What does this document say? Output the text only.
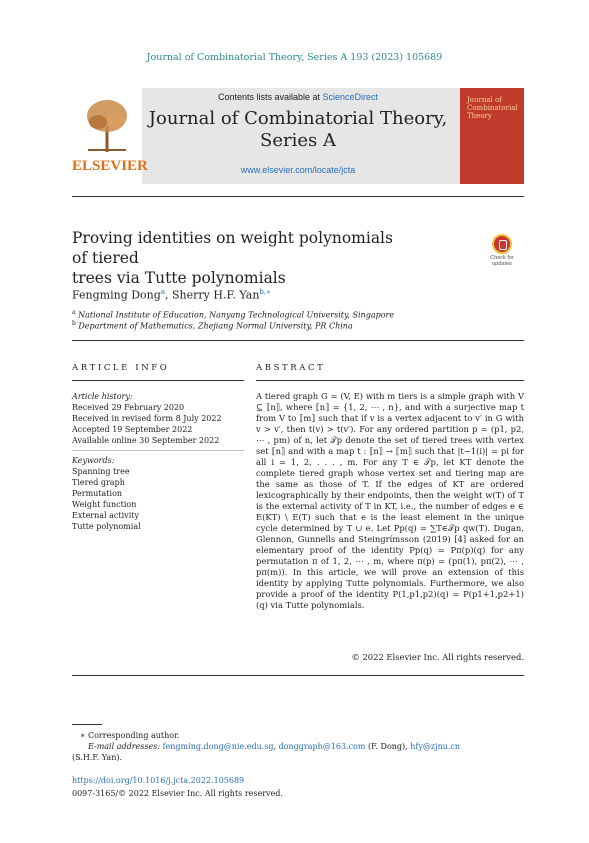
Journal of Combinatorial Theory, Series A 193 (2023) 105689
ELSEVIER
Contents lists available at ScienceDirect
Journal of Combinatorial Theory,
Series A
www.elsevier.com/locate/jcta
Journal of Combinatorial Theory
Proving identities on weight polynomials of tiered
trees via Tutte polynomials
Check for
updates
Fengming Dong$^a$, Sherry H.F. Yan$^{b,∗}$
$^a$ National Institute of Education, Nanyang Technological University, Singapore
$^b$ Department of Mathematics, Zhejiang Normal University, PR China
ARTICLE INFO	ABSTRACT
Article history:
Received 29 February 2020
Received in revised form 8 July 2022
Accepted 19 September 2022
Available online 30 September 2022
Keywords:
Spanning tree
Tiered graph
Permutation
Weight function
External activity
Tutte polynomial
A tiered graph G = (V, E) with m tiers is a simple graph with V ⊆ ⟦n⟧, where ⟦n⟧ = {1, 2, ⋯ , n}, and with a surjective map t from V to ⟦m⟧ such that if v is a vertex adjacent to v′ in G with v > v′, then t(v) > t(v′). For any ordered partition p = (p1, p2, ⋯ , pm) of n, let 𝒯p denote the set of tiered trees with vertex set ⟦n⟧ and with a map t : ⟦n⟧ → ⟦m⟧ such that |t−1(i)| = pi for all i = 1, 2, . . . , m. For any T ∈ 𝒯p, let KT denote the complete tiered graph whose vertex set and tiering map are the same as those of T. If the edges of KT are ordered lexicographically by their endpoints, then the weight w(T) of T is the external activity of T in KT, i.e., the number of edges e ∈ E(KT) \ E(T) such that e is the least element in the unique cycle determined by T ∪ e. Let Pp(q) = ∑T∈𝒯p qw(T). Dugan, Glennon, Gunnells and Steingrímsson (2019) [4] asked for an elementary proof of the identity Pp(q) = Pπ(p)(q) for any permutation π of 1, 2, ⋯ , m, where π(p) = (pπ(1), pπ(2), ⋯ , pπ(m)). In this article, we will prove an extension of this identity by applying Tutte polynomials. Furthermore, we also provide a proof of the identity P(1,p1,p2)(q) = P(p1+1,p2+1)(q) via Tutte polynomials.
© 2022 Elsevier Inc. All rights reserved.
∗ Corresponding author.
E-mail addresses: fengming.dong@nie.edu.sg, donggraph@163.com (F. Dong), hfy@zjnu.cn
(S.H.F. Yan).
https://doi.org/10.1016/j.jcta.2022.105689
0097-3165/© 2022 Elsevier Inc. All rights reserved.
